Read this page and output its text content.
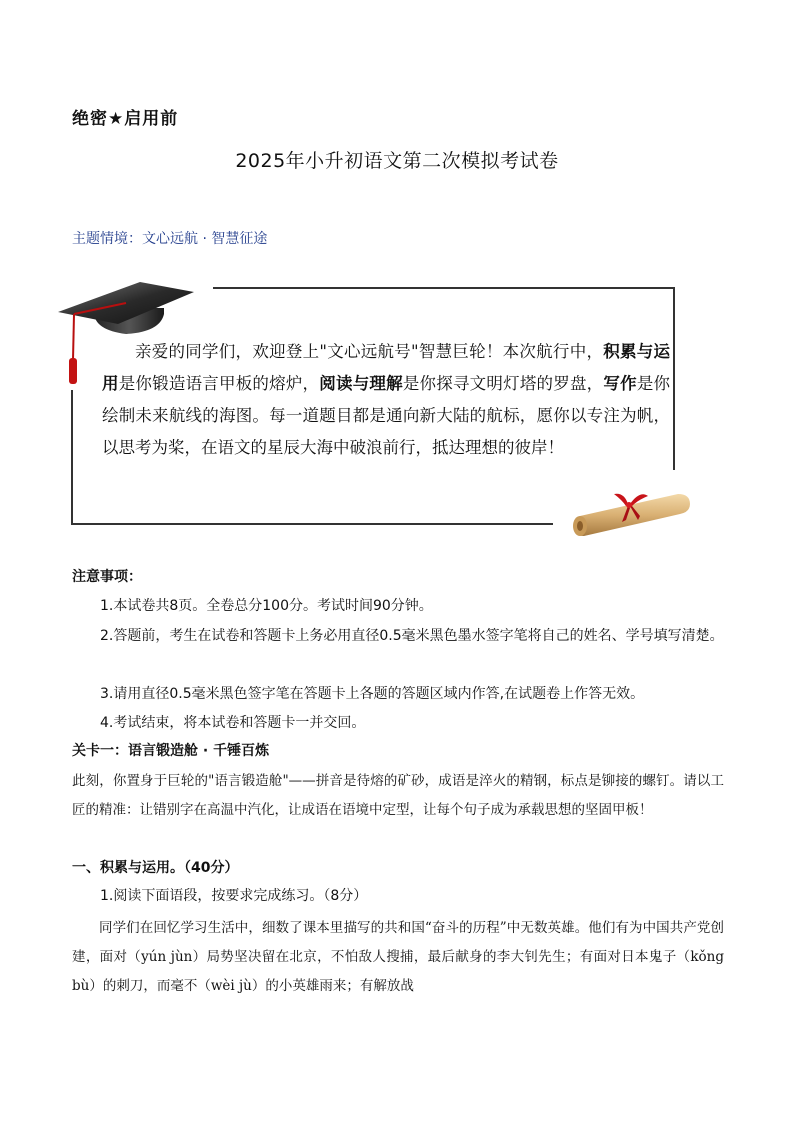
绝密★启用前
2025年小升初语文第二次模拟考试卷
主题情境：文心远航 · 智慧征途
亲爱的同学们，欢迎登上"文心远航号"智慧巨轮！本次航行中，积累与运用是你锻造语言甲板的熔炉，阅读与理解是你探寻文明灯塔的罗盘，写作是你绘制未来航线的海图。每一道题目都是通向新大陆的航标，愿你以专注为帆，以思考为桨，在语文的星辰大海中破浪前行，抵达理想的彼岸！
注意事项：
1.本试卷共8页。全卷总分100分。考试时间90分钟。
2.答题前，考生在试卷和答题卡上务必用直径0.5毫米黑色墨水签字笔将自己的姓名、学号填写清楚。
3.请用直径0.5毫米黑色签字笔在答题卡上各题的答题区域内作答,在试题卷上作答无效。
4.考试结束，将本试卷和答题卡一并交回。
关卡一：语言锻造舱 · 千锤百炼
此刻，你置身于巨轮的"语言锻造舱"——拼音是待熔的矿砂，成语是淬火的精钢，标点是铆接的螺钉。请以工匠的精准：让错别字在高温中汽化，让成语在语境中定型，让每个句子成为承载思想的坚固甲板！
一、积累与运用。（40分）
1.阅读下面语段，按要求完成练习。（8分）
同学们在回忆学习生活中，细数了课本里描写的共和国“奋斗的历程”中无数英雄。他们有为中国共产党创建，面对（yún jùn）局势坚决留在北京，不怕敌人搜捕，最后献身的李大钊先生；有面对日本鬼子（kǒng bù）的刺刀，而毫不（wèi jù）的小英雄雨来；有解放战
